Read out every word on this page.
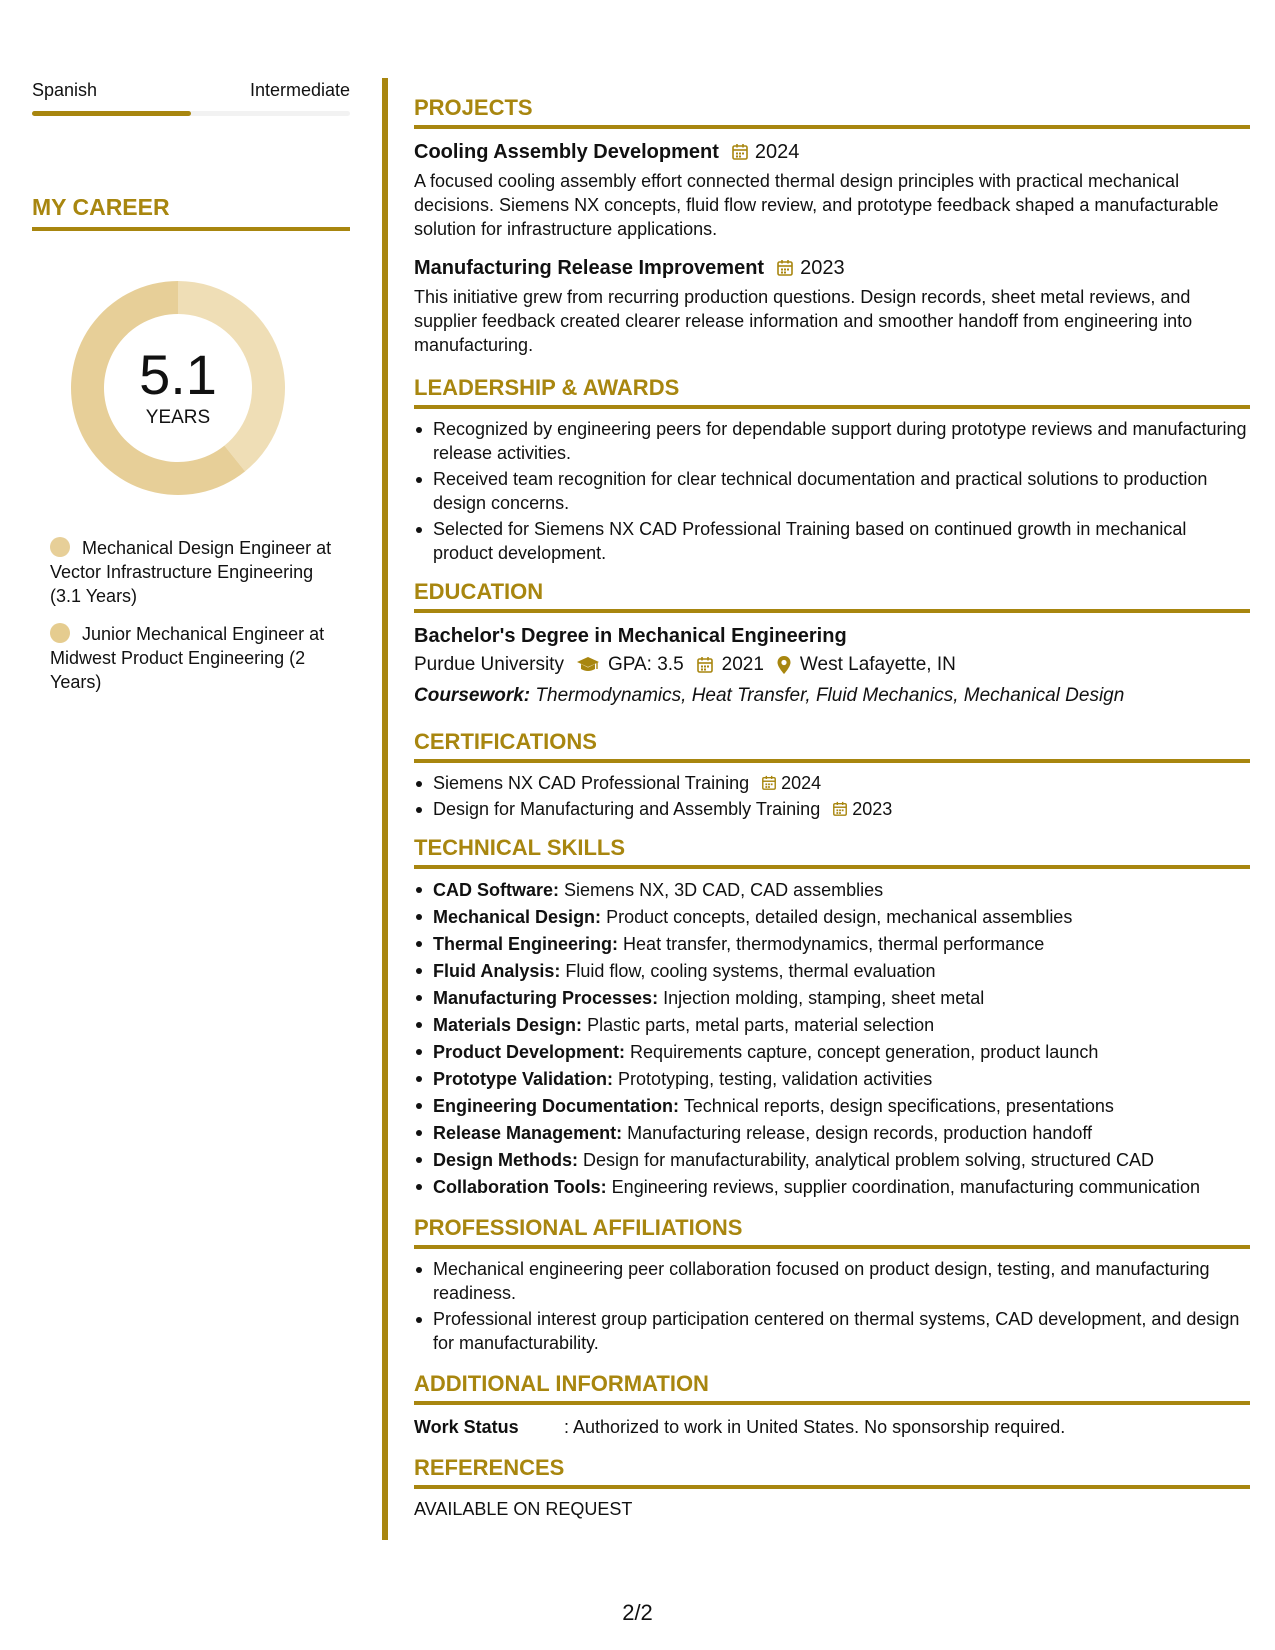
Spanish	Intermediate
MY CAREER
5.1
YEARS
Mechanical Design Engineer at Vector Infrastructure Engineering (3.1 Years)
Junior Mechanical Engineer at Midwest Product Engineering (2 Years)
PROJECTS
Cooling Assembly Development 2024
A focused cooling assembly effort connected thermal design principles with practical mechanical decisions. Siemens NX concepts, fluid flow review, and prototype feedback shaped a manufacturable solution for infrastructure applications.
Manufacturing Release Improvement 2023
This initiative grew from recurring production questions. Design records, sheet metal reviews, and supplier feedback created clearer release information and smoother handoff from engineering into manufacturing.
LEADERSHIP & AWARDS
Recognized by engineering peers for dependable support during prototype reviews and manufacturing release activities.
Received team recognition for clear technical documentation and practical solutions to production design concerns.
Selected for Siemens NX CAD Professional Training based on continued growth in mechanical product development.
EDUCATION
Bachelor's Degree in Mechanical Engineering
Purdue University GPA: 3.5 2021 West Lafayette, IN
Coursework: Thermodynamics, Heat Transfer, Fluid Mechanics, Mechanical Design
CERTIFICATIONS
Siemens NX CAD Professional Training 2024
Design for Manufacturing and Assembly Training 2023
TECHNICAL SKILLS
CAD Software: Siemens NX, 3D CAD, CAD assemblies
Mechanical Design: Product concepts, detailed design, mechanical assemblies
Thermal Engineering: Heat transfer, thermodynamics, thermal performance
Fluid Analysis: Fluid flow, cooling systems, thermal evaluation
Manufacturing Processes: Injection molding, stamping, sheet metal
Materials Design: Plastic parts, metal parts, material selection
Product Development: Requirements capture, concept generation, product launch
Prototype Validation: Prototyping, testing, validation activities
Engineering Documentation: Technical reports, design specifications, presentations
Release Management: Manufacturing release, design records, production handoff
Design Methods: Design for manufacturability, analytical problem solving, structured CAD
Collaboration Tools: Engineering reviews, supplier coordination, manufacturing communication
PROFESSIONAL AFFILIATIONS
Mechanical engineering peer collaboration focused on product design, testing, and manufacturing readiness.
Professional interest group participation centered on thermal systems, CAD development, and design for manufacturability.
ADDITIONAL INFORMATION
Work Status	: Authorized to work in United States. No sponsorship required.
REFERENCES
AVAILABLE ON REQUEST
2/2
